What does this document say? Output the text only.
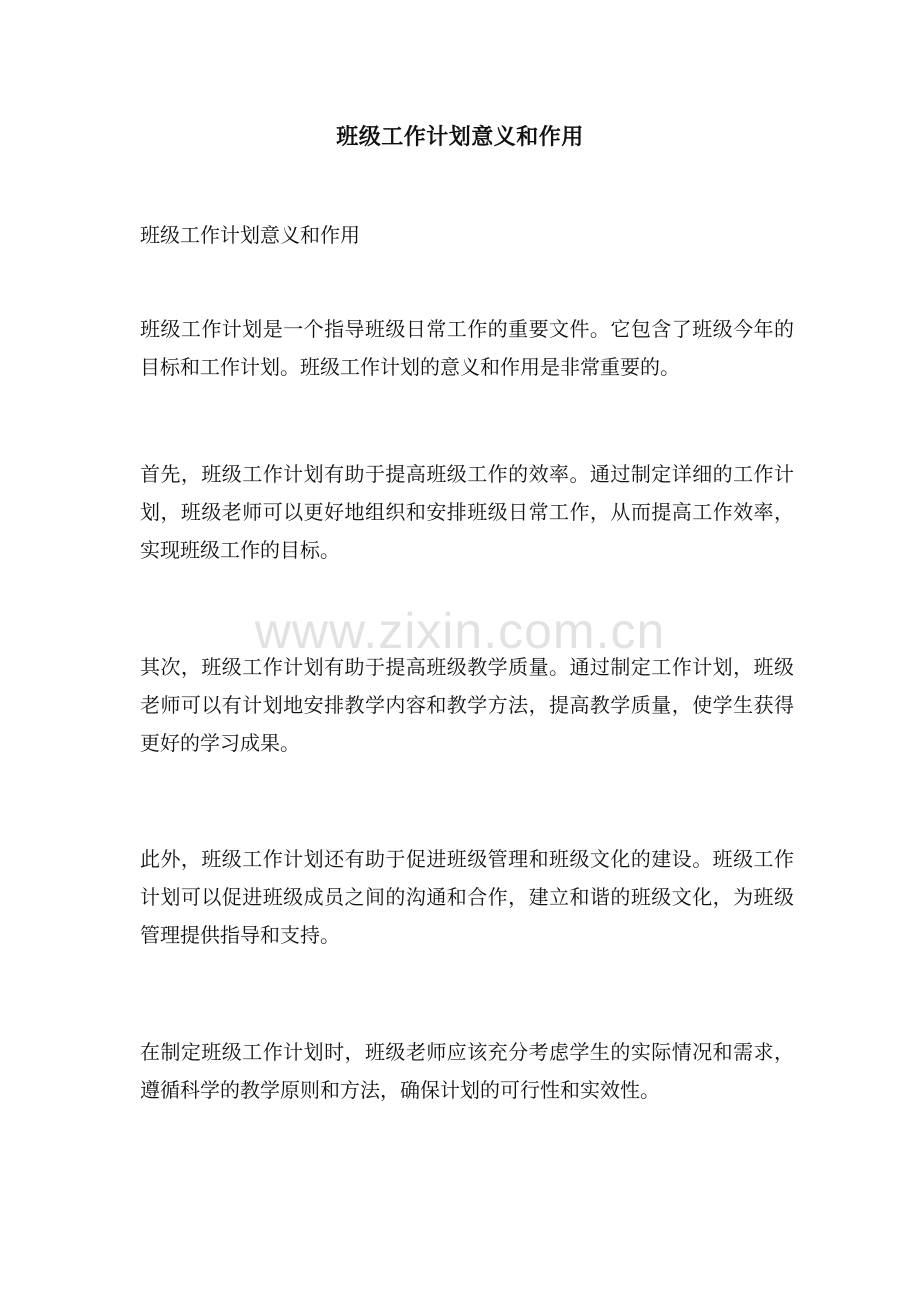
班级工作计划意义和作用

班级工作计划意义和作用

班级工作计划是一个指导班级日常工作的重要文件。它包含了班级今年的目标和工作计划。班级工作计划的意义和作用是非常重要的。

首先，班级工作计划有助于提高班级工作的效率。通过制定详细的工作计划，班级老师可以更好地组织和安排班级日常工作，从而提高工作效率，实现班级工作的目标。

www.zixin.com.cn

其次，班级工作计划有助于提高班级教学质量。通过制定工作计划，班级老师可以有计划地安排教学内容和教学方法，提高教学质量，使学生获得更好的学习成果。

此外，班级工作计划还有助于促进班级管理和班级文化的建设。班级工作计划可以促进班级成员之间的沟通和合作，建立和谐的班级文化，为班级管理提供指导和支持。

在制定班级工作计划时，班级老师应该充分考虑学生的实际情况和需求，遵循科学的教学原则和方法，确保计划的可行性和实效性。
